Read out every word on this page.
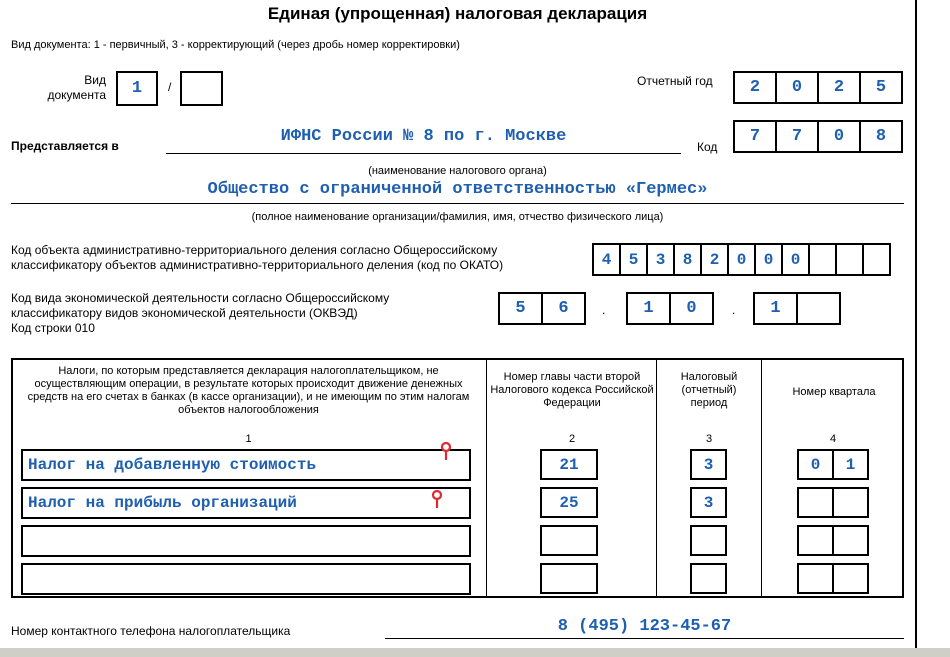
Единая (упрощенная) налоговая декларация
Вид документа: 1 - первичный, 3 - корректирующий (через дробь номер корректировки)
Вид
документа	1	/	Отчетный год	2	0	2	5
Представляется в	ИФНС России № 8 по г. Москве
Код
7	7	0	8
(наименование налогового органа)
Общество с ограниченной ответственностью «Гермес»
(полное наименование организации/фамилия, имя, отчество физического лица)
Код объекта административно-территориального деления согласно Общероссийскому
классификатору объектов административно-территориального деления (код по ОКАТО)	4	5	3	8	2	0	0	0
Код вида экономической деятельности согласно Общероссийскому
классификатору видов экономической деятельности (ОКВЭД)
Код строки 010
5	6	.	1	0	.	1
Налоги, по которым представляется декларация налогоплательщиком, не осуществляющим операции, в результате которых происходит движение денежных средств на его счетах в банках (в кассе организации), и не имеющим по этим налогам объектов налогообложения
Номер главы части второй Налогового кодекса Российской Федерации
Налоговый (отчетный) период
Номер квартала
1	2	3	4
Налог на добавленную стоимость	21	3	0	1
Налог на прибыль организаций	25	3
Номер контактного телефона налогоплательщика	8 (495) 123-45-67
